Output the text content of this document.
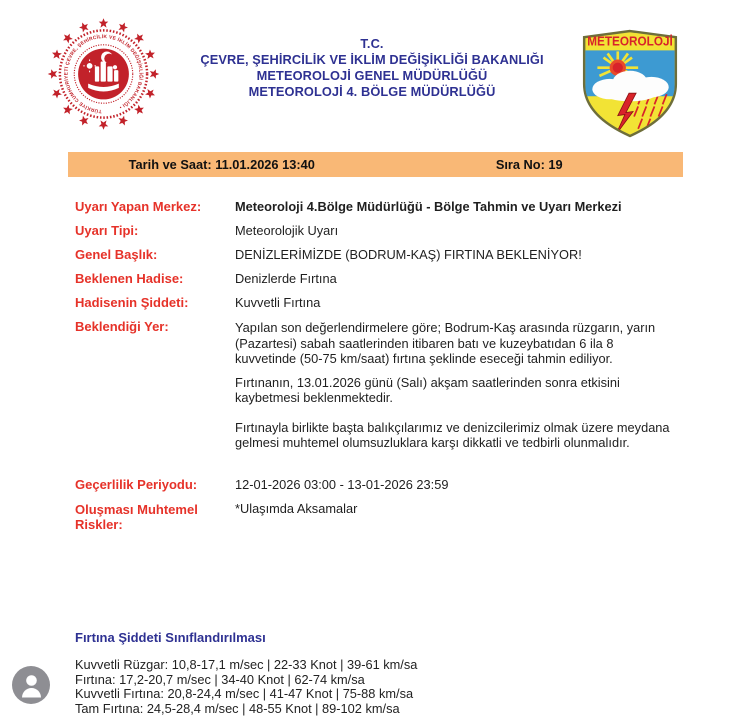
TÜRKİYE CUMHURİYETİ ÇEVRE, ŞEHİRCİLİK VE İKLİM DEĞİŞİKLİĞİ BAKANLIĞI •
T.C.
ÇEVRE, ŞEHİRCİLİK VE İKLİM DEĞİŞİKLİĞİ BAKANLIĞI
METEOROLOJİ GENEL MÜDÜRLÜĞÜ
METEOROLOJİ 4. BÖLGE MÜDÜRLÜĞÜ
METEOROLOJİ
Tarih ve Saat: 11.01.2026 13:40	Sıra No: 19
Uyarı Yapan Merkez:	Meteoroloji 4.Bölge Müdürlüğü - Bölge Tahmin ve Uyarı Merkezi
Uyarı Tipi:	Meteorolojik Uyarı
Genel Başlık:	DENİZLERİMİZDE (BODRUM-KAŞ) FIRTINA BEKLENİYOR!
Beklenen Hadise:	Denizlerde Fırtına
Hadisenin Şiddeti:	Kuvvetli Fırtına
Beklendiği Yer:	Yapılan son değerlendirmelere göre; Bodrum-Kaş arasında rüzgarın, yarın (Pazartesi) sabah saatlerinden itibaren batı ve kuzeybatıdan 6 ila 8 kuvvetinde (50-75 km/saat) fırtına şeklinde eseceği tahmin ediliyor.

Fırtınanın, 13.01.2026 günü (Salı) akşam saatlerinden sonra etkisini kaybetmesi beklenmektedir.

Fırtınayla birlikte başta balıkçılarımız ve denizcilerimiz olmak üzere meydana gelmesi muhtemel olumsuzluklara karşı dikkatli ve tedbirli olunmalıdır.

Geçerlilik Periyodu:	12-01-2026 03:00 - 13-01-2026 23:59
Oluşması Muhtemel Riskler:
*Ulaşımda Aksamalar
Fırtına Şiddeti Sınıflandırılması
Kuvvetli Rüzgar: 10,8-17,1 m/sec | 22-33 Knot | 39-61 km/sa
Fırtına: 17,2-20,7 m/sec | 34-40 Knot | 62-74 km/sa
Kuvvetli Fırtına: 20,8-24,4 m/sec | 41-47 Knot | 75-88 km/sa
Tam Fırtına: 24,5-28,4 m/sec | 48-55 Knot | 89-102 km/sa
